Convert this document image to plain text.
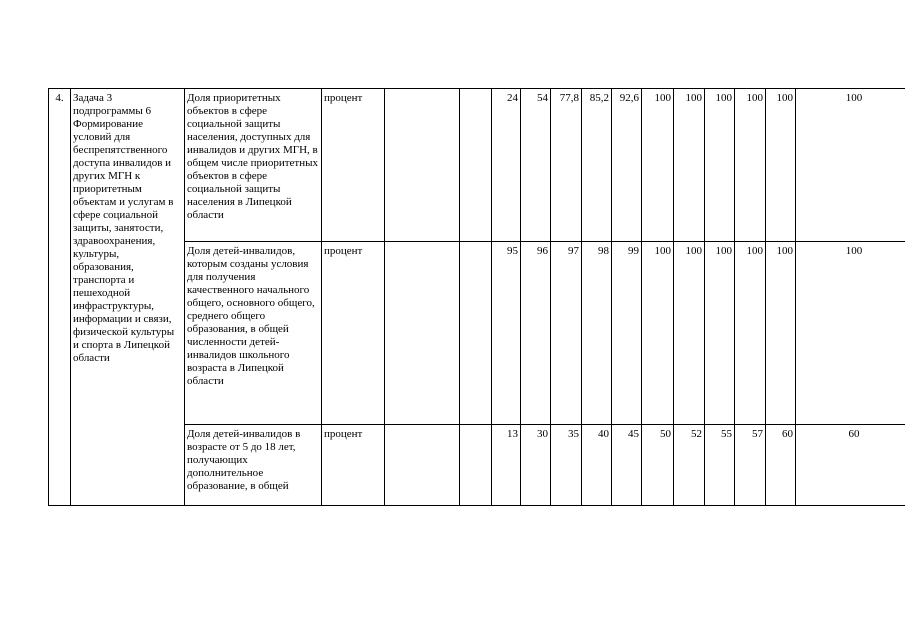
4.	Задача 3 подпрограммы 6 Формирование условий для беспрепятственного доступа инвалидов и других МГН к приоритетным объектам и услугам в сфере социальной защиты, занятости, здравоохранения, культуры, образования, транспорта и пешеходной инфраструктуры, информации и связи, физической культуры и спорта в Липецкой области	Доля приоритетных объектов в сфере социальной защиты населения, доступных для инвалидов и других МГН, в общем числе приоритетных объектов в сфере социальной защиты населения в Липецкой области	процент			24	54	77,8	85,2	92,6	100	100	100	100	100	100
		Доля детей-инвалидов, которым созданы условия для получения качественного начального общего, основного общего, среднего общего образования, в общей численности детей-инвалидов школьного возраста в Липецкой области	процент			95	96	97	98	99	100	100	100	100	100	100
		Доля детей-инвалидов в возрасте от 5 до 18 лет, получающих дополнительное образование, в общей	процент			13	30	35	40	45	50	52	55	57	60	60
